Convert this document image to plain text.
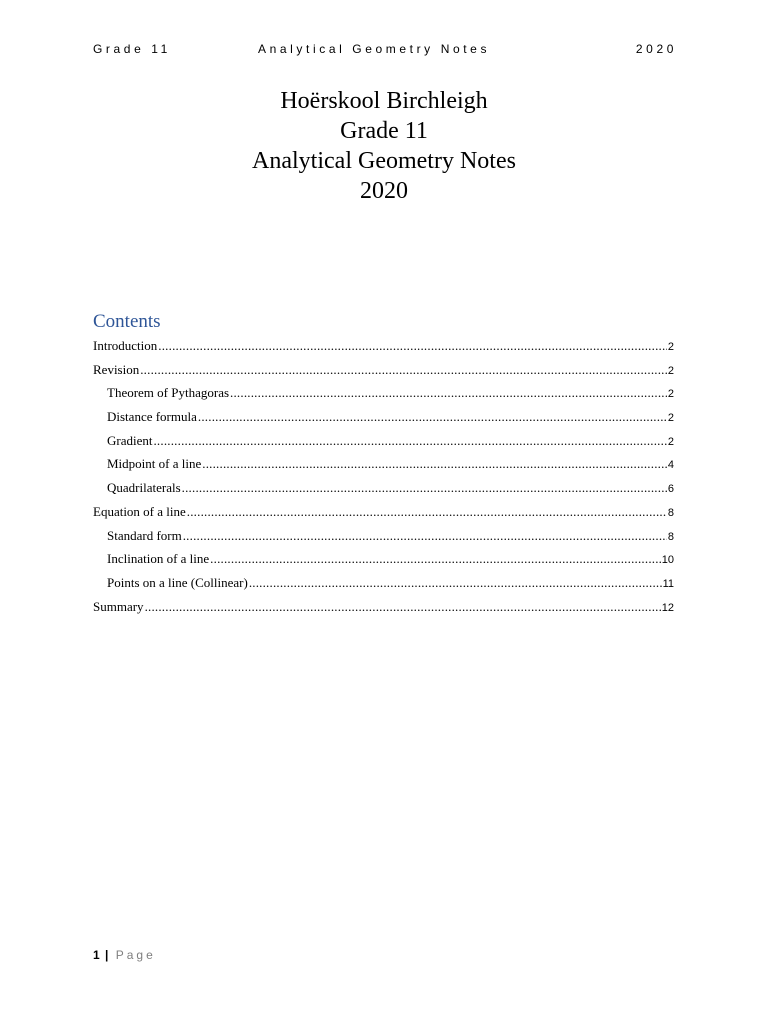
Grade 11	Analytical Geometry Notes	2020
Hoërskool Birchleigh
Grade 11
Analytical Geometry Notes
2020
Contents
Introduction .....	2
Revision .....	2
Theorem of Pythagoras .....	2
Distance formula .....	2
Gradient .....	2
Midpoint of a line .....	4
Quadrilaterals .....	6
Equation of a line .....	8
Standard form .....	8
Inclination of a line .....	10
Points on a line (Collinear) .....	11
Summary .....	12
1 | Page
